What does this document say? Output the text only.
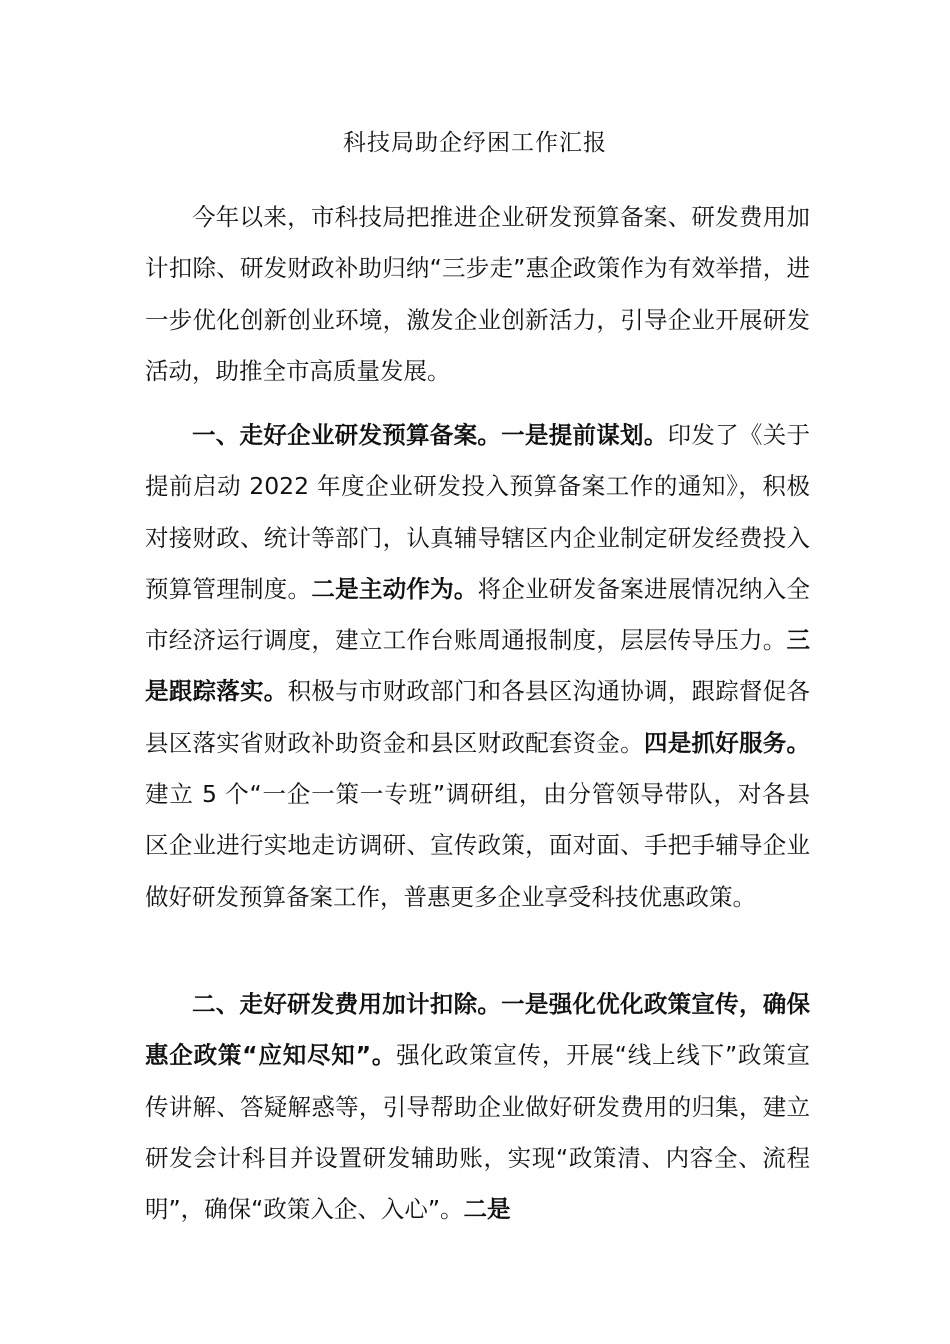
科技局助企纾困工作汇报

今年以来，市科技局把推进企业研发预算备案、研发费用加计扣除、研发财政补助归纳“三步走”惠企政策作为有效举措，进一步优化创新创业环境，激发企业创新活力，引导企业开展研发活动，助推全市高质量发展。

一、走好企业研发预算备案。一是提前谋划。印发了《关于提前启动 2022 年度企业研发投入预算备案工作的通知》，积极对接财政、统计等部门，认真辅导辖区内企业制定研发经费投入预算管理制度。二是主动作为。将企业研发备案进展情况纳入全市经济运行调度，建立工作台账周通报制度，层层传导压力。三是跟踪落实。积极与市财政部门和各县区沟通协调，跟踪督促各县区落实省财政补助资金和县区财政配套资金。四是抓好服务。建立 5 个“一企一策一专班”调研组，由分管领导带队，对各县区企业进行实地走访调研、宣传政策，面对面、手把手辅导企业做好研发预算备案工作，普惠更多企业享受科技优惠政策。

二、走好研发费用加计扣除。一是强化优化政策宣传，确保惠企政策“应知尽知”。强化政策宣传，开展“线上线下”政策宣传讲解、答疑解惑等，引导帮助企业做好研发费用的归集，建立研发会计科目并设置研发辅助账，实现“政策清、内容全、流程明”，确保“政策入企、入心”。二是
